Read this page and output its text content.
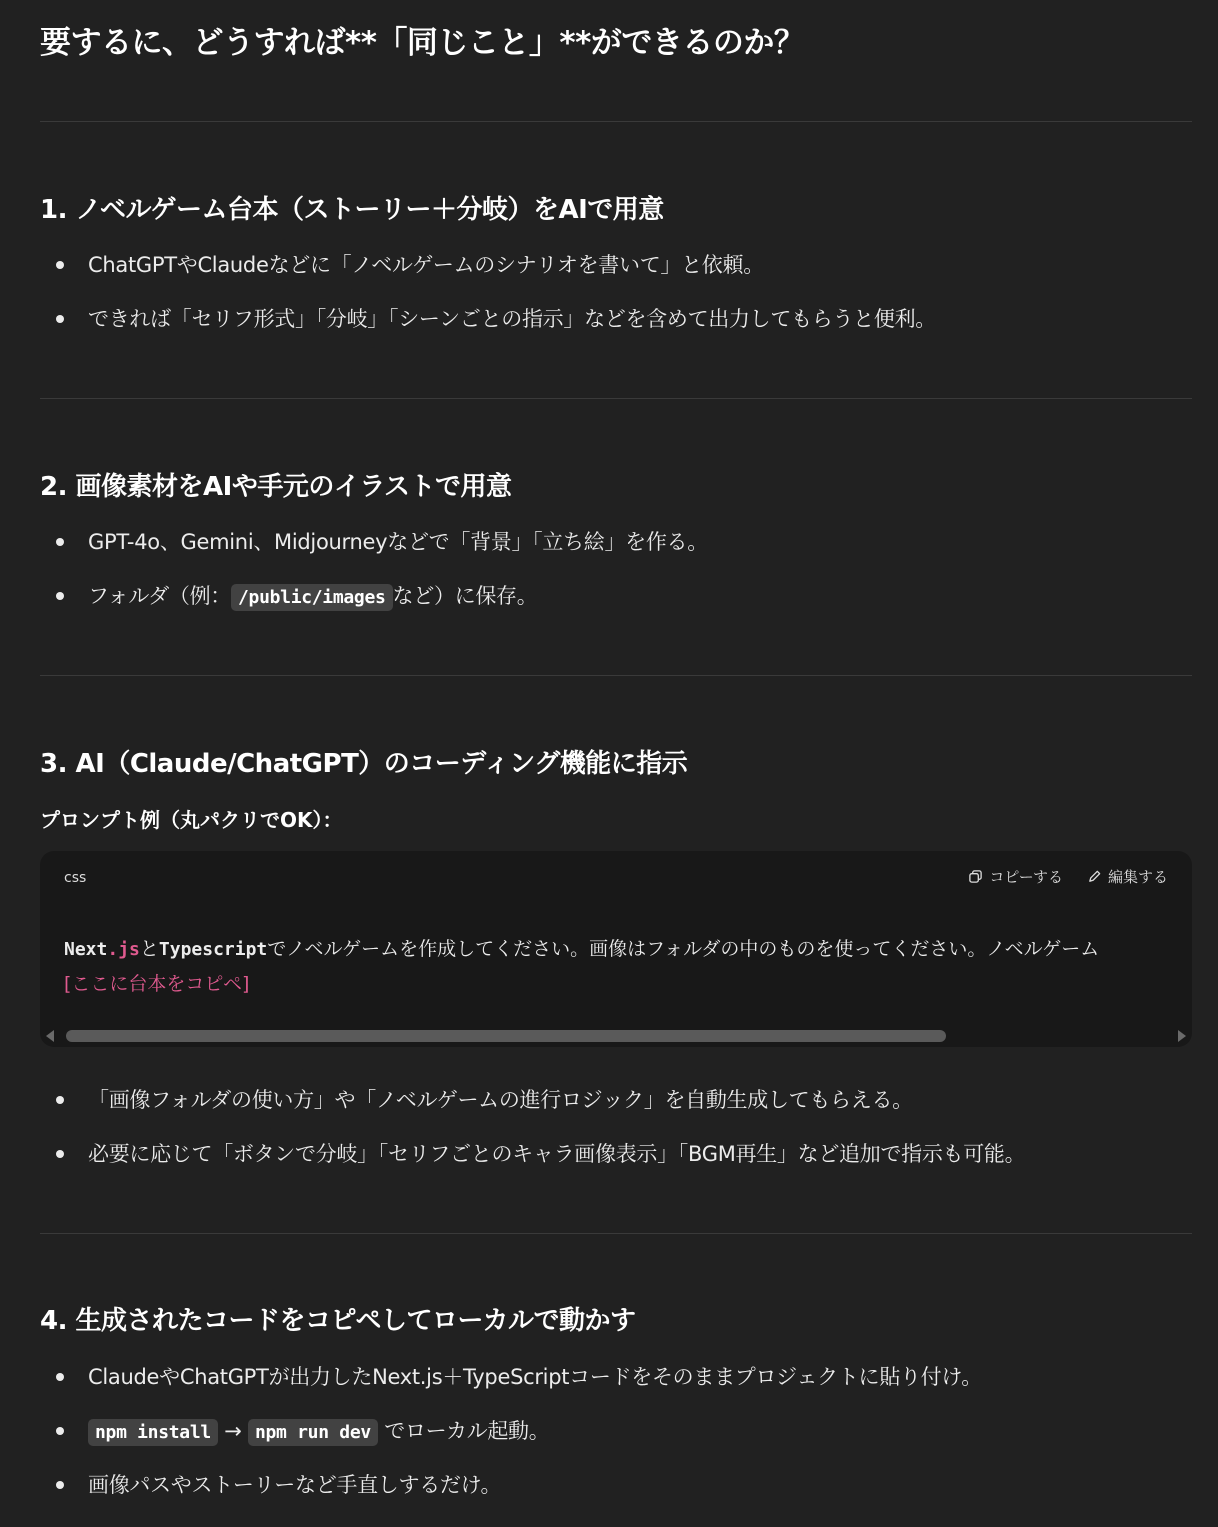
要するに、どうすれば**「同じこと」**ができるのか？
1. ノベルゲーム台本（ストーリー＋分岐）をAIで用意
ChatGPTやClaudeなどに「ノベルゲームのシナリオを書いて」と依頼。
できれば「セリフ形式」「分岐」「シーンごとの指示」などを含めて出力してもらうと便利。
2. 画像素材をAIや手元のイラストで用意
GPT-4o、Gemini、Midjourneyなどで「背景」「立ち絵」を作る。
フォルダ（例： /public/images など）に保存。
3. AI（Claude/ChatGPT）のコーディング機能に指示
プロンプト例（丸パクリでOK）：
css	コピーする	編集する
Next.jsとTypescriptでノベルゲームを作成してください。画像はフォルダの中のものを使ってください。ノベルゲーム
[ここに台本をコピペ]
「画像フォルダの使い方」や「ノベルゲームの進行ロジック」を自動生成してもらえる。
必要に応じて「ボタンで分岐」「セリフごとのキャラ画像表示」「BGM再生」など追加で指示も可能。
4. 生成されたコードをコピペしてローカルで動かす
ClaudeやChatGPTが出力したNext.js＋TypeScriptコードをそのままプロジェクトに貼り付け。
npm install → npm run dev でローカル起動。
画像パスやストーリーなど手直しするだけ。
